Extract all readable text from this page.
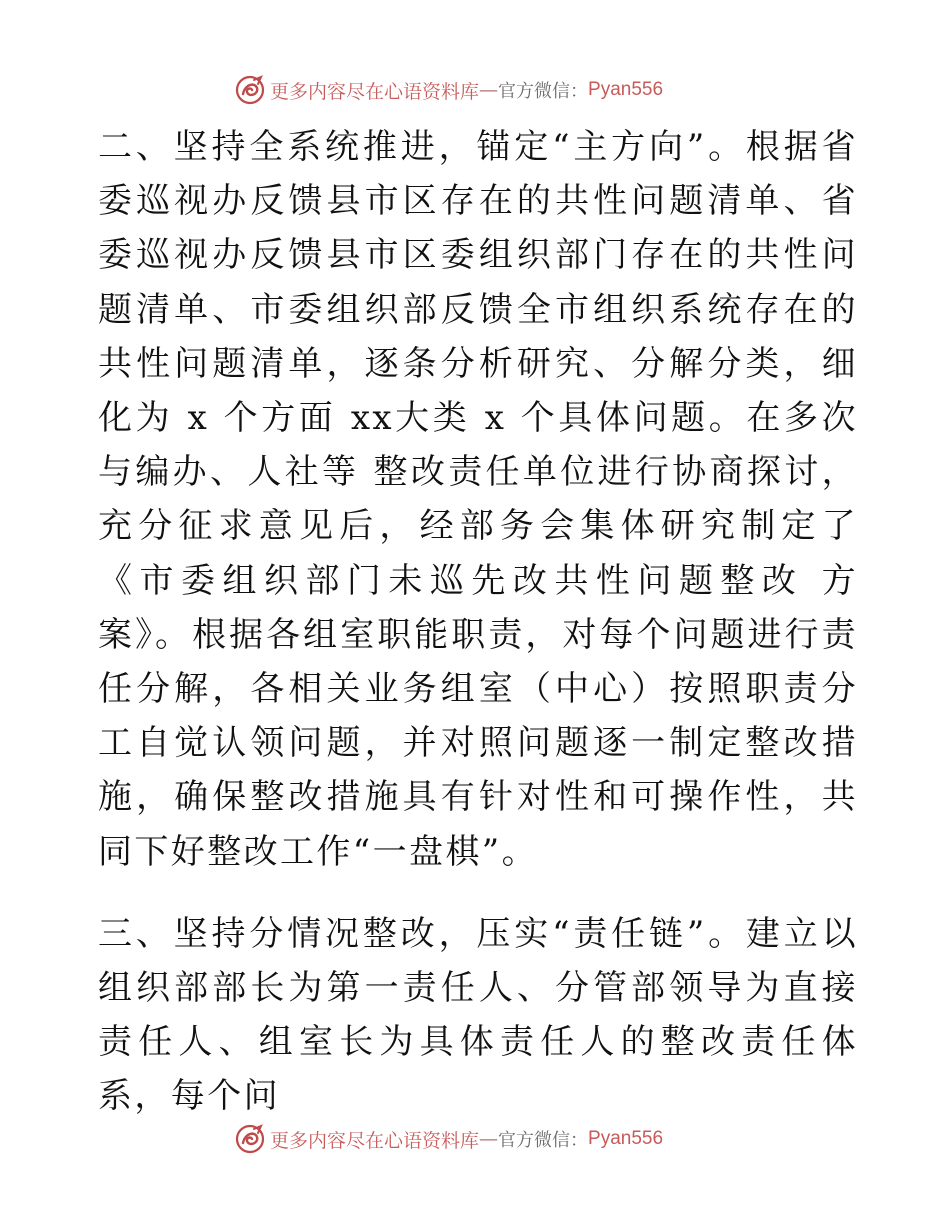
更多内容尽在心语资料库 — 官方微信： Pyan556

二、坚持全系统推进，锚定“主方向”。根据省委巡视办反馈县市区存在的共性问题清单、省委巡视办反馈县市区委组织部门存在的共性问题清单、市委组织部反馈全市组织系统存在的共性问题清单，逐条分析研究、分解分类，细化为 x 个方面 xx大类 x 个具体问题。在多次与编办、人社等 整改责任单位进行协商探讨，充分征求意见后，经部务会集体研究制定了《市委组织部门未巡先改共性问题整改 方案》。根据各组室职能职责，对每个问题进行责任分解，各相关业务组室（中心）按照职责分工自觉认领问题，并对照问题逐一制定整改措施，确保整改措施具有针对性和可操作性，共同下好整改工作“一盘棋”。

三、坚持分情况整改，压实“责任链”。建立以组织部部长为第一责任人、分管部领导为直接责任人、组室长为具体责任人的整改责任体系，每个问

更多内容尽在心语资料库 — 官方微信： Pyan556
